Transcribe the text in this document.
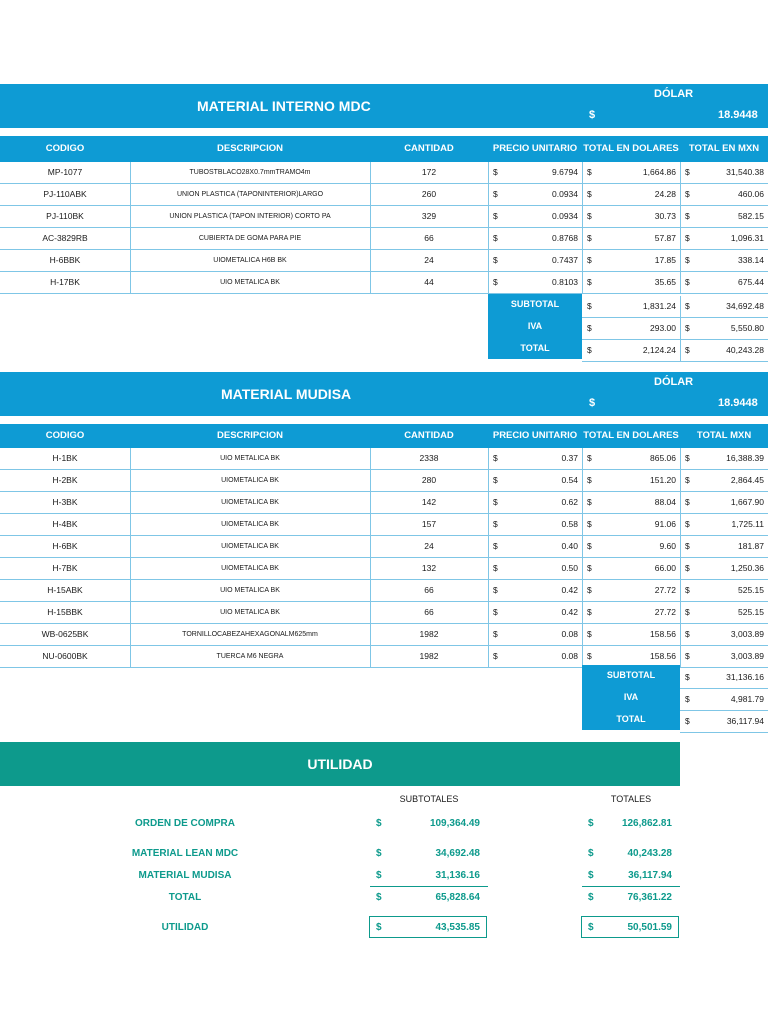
MATERIAL INTERNO MDC
DÓLAR
$	18.9448
CODIGO	DESCRIPCION	CANTIDAD	PRECIO UNITARIO TOTAL EN DOLARES	TOTAL EN MXN
MP-1077	TUBOSTBLACO28X0.7mmTRAMO4m	172	$	9.6794 $	1,664.86 $	31,540.38
PJ-110ABK	UNION PLASTICA (TAPONINTERIOR)LARGO	260	$	0.0934 $	24.28 $	460.06
PJ-110BK	UNION PLASTICA (TAPON INTERIOR) CORTO PA	329	$	0.0934 $	30.73 $	582.15
AC-3829RB	CUBIERTA DE GOMA PARA PIE	66	$	0.8768 $	57.87 $	1,096.31
H-6BBK	UIOMETALICA H6B BK	24	$	0.7437 $	17.85 $	338.14
H-17BK	UIO METALICA BK	44	$	0.8103 $	35.65 $	675.44
SUBTOTAL
IVA
TOTAL
$	1,831.24 $	34,692.48
$	293.00 $	5,550.80
$	2,124.24 $	40,243.28
MATERIAL MUDISA
DÓLAR
$	18.9448
CODIGO	DESCRIPCION	CANTIDAD	PRECIO UNITARIO TOTAL EN DOLARES	TOTAL MXN
H-1BK	UIO METALICA BK	2338	$	0.37 $	865.06 $	16,388.39
H-2BK	UIOMETALICA BK	280	$	0.54 $	151.20 $	2,864.45
H-3BK	UIOMETALICA BK	142	$	0.62 $	88.04 $	1,667.90
H-4BK	UIOMETALICA BK	157	$	0.58 $	91.06 $	1,725.11
H-6BK	UIOMETALICA BK	24	$	0.40 $	9.60 $	181.87
H-7BK	UIOMETALICA BK	132	$	0.50 $	66.00 $	1,250.36
H-15ABK	UIO METALICA BK	66	$	0.42 $	27.72 $	525.15
H-15BBK	UIO METALICA BK	66	$	0.42 $	27.72 $	525.15
WB-0625BK	TORNILLOCABEZAHEXAGONALM625mm	1982	$	0.08 $	158.56 $	3,003.89
NU-0600BK	TUERCA M6 NEGRA	1982	$	0.08 $	158.56 $	3,003.89
SUBTOTAL
IVA
TOTAL
$	31,136.16
$	4,981.79
$	36,117.94
UTILIDAD
SUBTOTALES	TOTALES
ORDEN DE COMPRA	$	109,364.49	$	126,862.81
MATERIAL LEAN MDC	$	34,692.48	$	40,243.28
MATERIAL MUDISA	$	31,136.16	$	36,117.94
TOTAL	$	65,828.64	$	76,361.22
UTILIDAD	$	43,535.85	$	50,501.59
